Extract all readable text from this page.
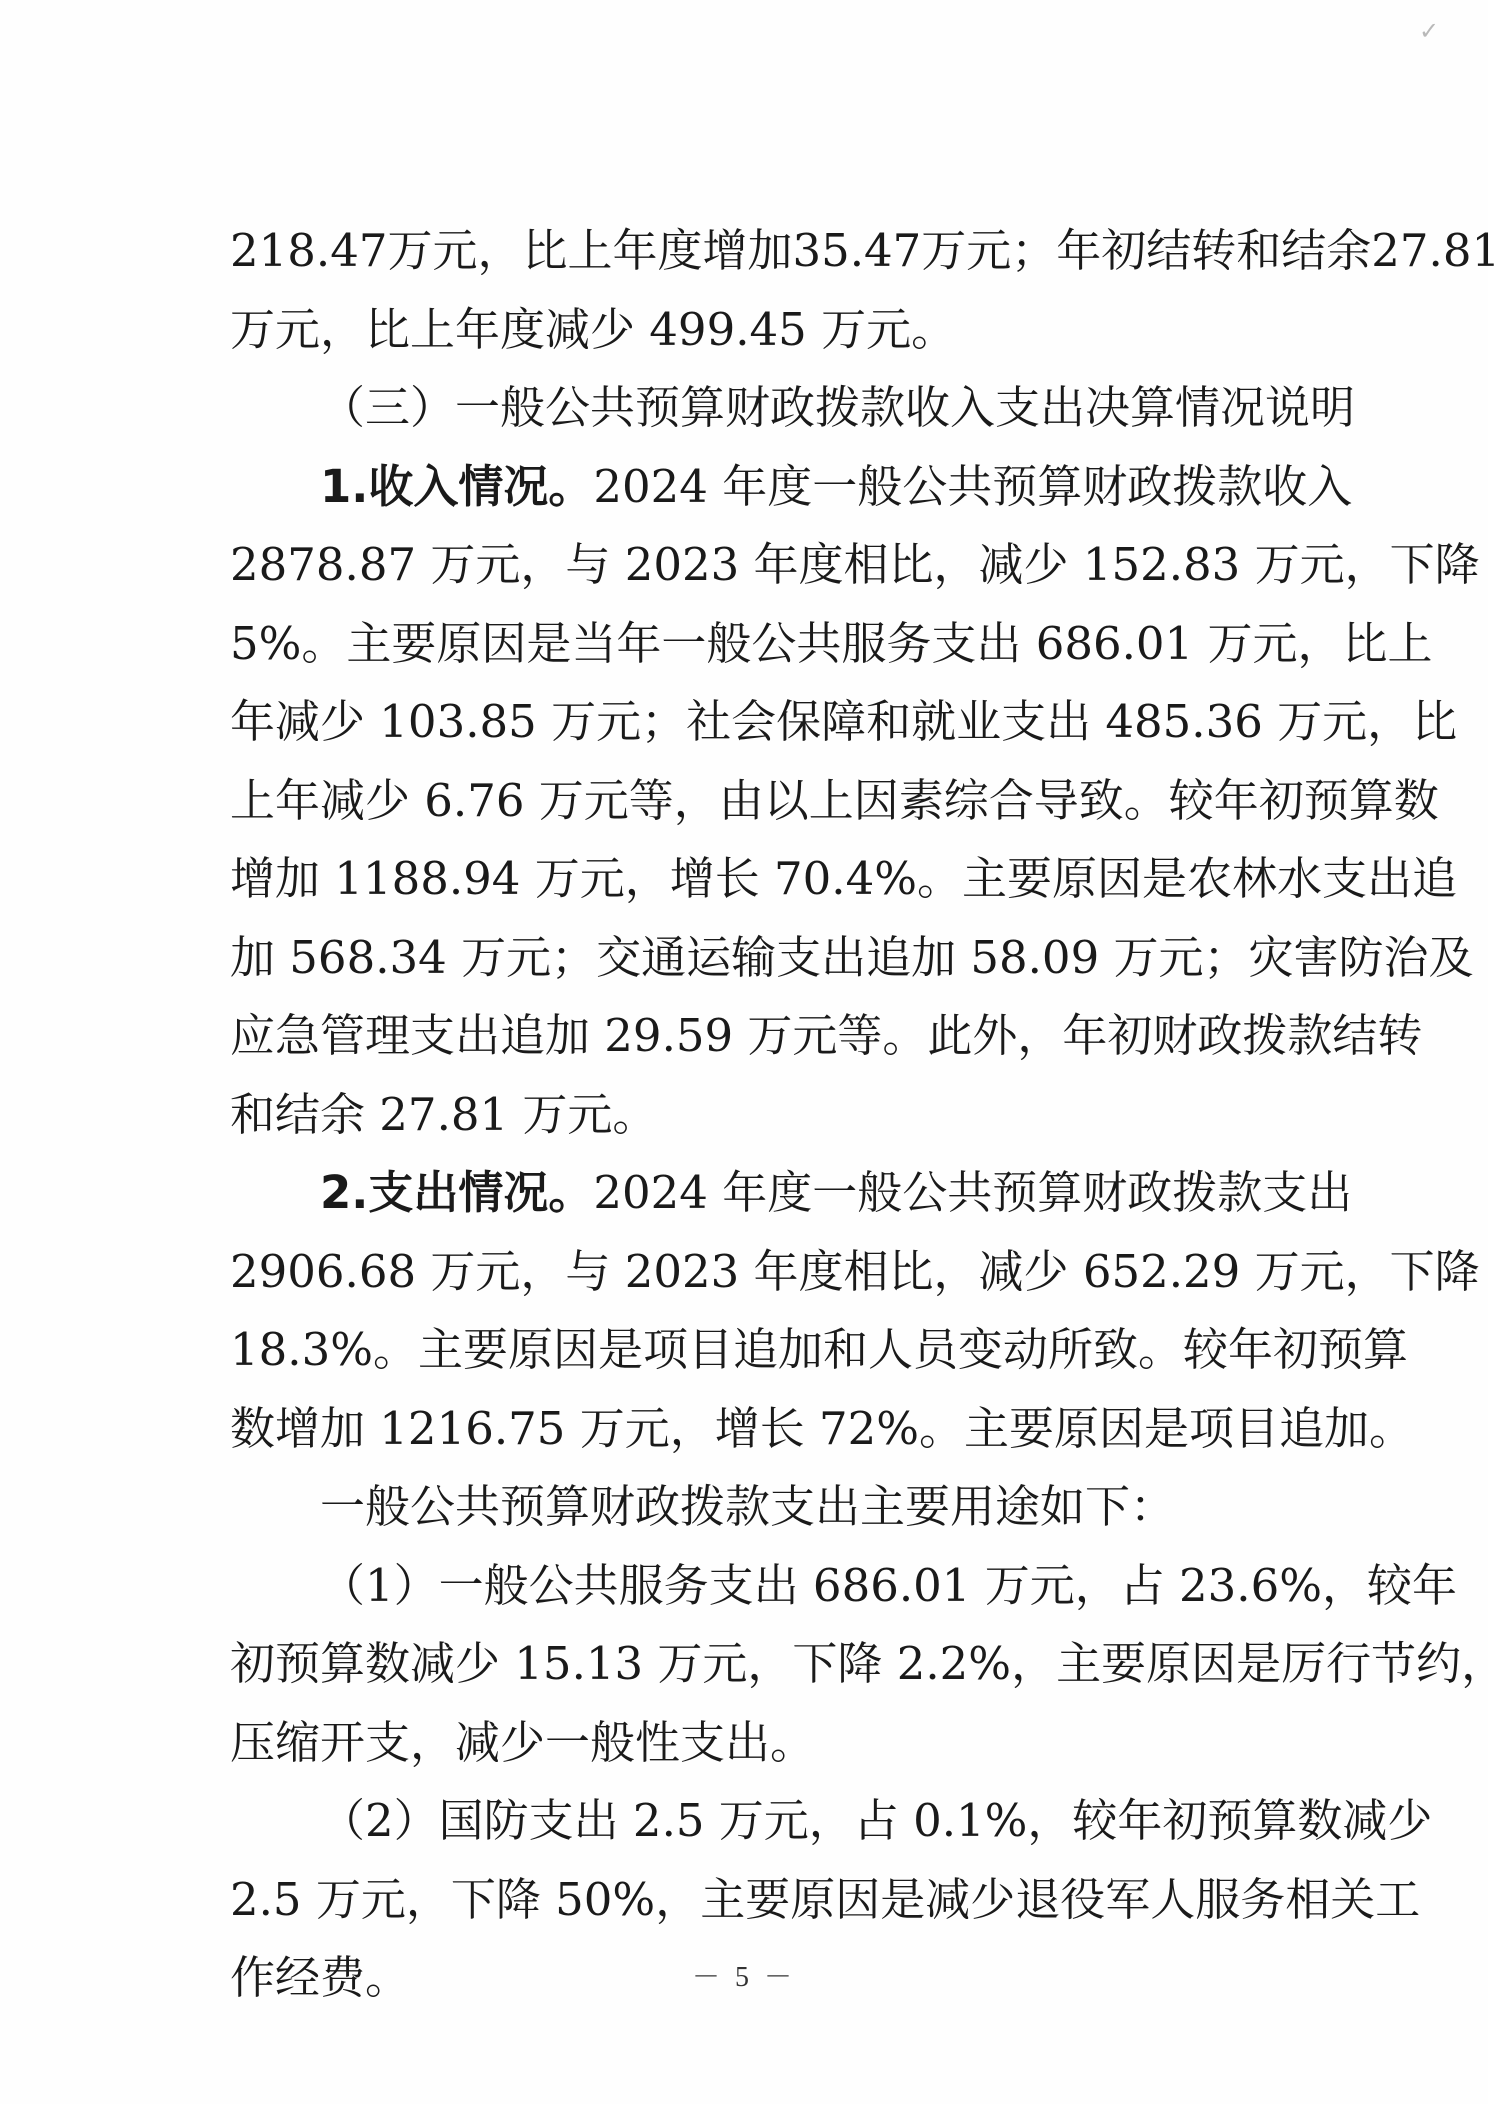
✓
218.47万元，比上年度增加35.47万元；年初结转和结余27.81
万元，比上年度减少 499.45 万元。
（三）一般公共预算财政拨款收入支出决算情况说明
1.收入情况。2024 年度一般公共预算财政拨款收入
2878.87 万元，与 2023 年度相比，减少 152.83 万元，下降
5%。主要原因是当年一般公共服务支出 686.01 万元，比上
年减少 103.85 万元；社会保障和就业支出 485.36 万元，比
上年减少 6.76 万元等，由以上因素综合导致。较年初预算数
增加 1188.94 万元，增长 70.4%。主要原因是农林水支出追
加 568.34 万元；交通运输支出追加 58.09 万元；灾害防治及
应急管理支出追加 29.59 万元等。此外，年初财政拨款结转
和结余 27.81 万元。
2.支出情况。2024 年度一般公共预算财政拨款支出
2906.68 万元，与 2023 年度相比，减少 652.29 万元，下降
18.3%。主要原因是项目追加和人员变动所致。较年初预算
数增加 1216.75 万元，增长 72%。主要原因是项目追加。
一般公共预算财政拨款支出主要用途如下：
（1）一般公共服务支出 686.01 万元，占 23.6%，较年
初预算数减少 15.13 万元，下降 2.2%，主要原因是厉行节约，
压缩开支，减少一般性支出。
（2）国防支出 2.5 万元，占 0.1%，较年初预算数减少
2.5 万元，下降 50%，主要原因是减少退役军人服务相关工
作经费。	－ 5 －
